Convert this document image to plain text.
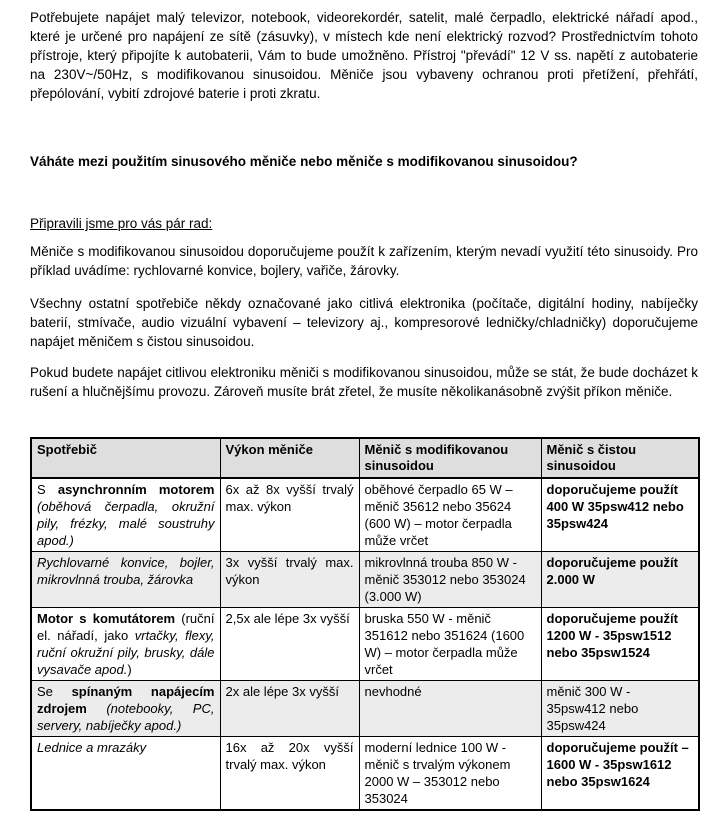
Potřebujete napájet malý televizor, notebook, videorekordér, satelit, malé čerpadlo, elektrické nářadí apod., které je určené pro napájení ze sítě (zásuvky), v místech kde není elektrický rozvod? Prostřednictvím tohoto přístroje, který připojíte k autobaterii, Vám to bude umožněno. Přístroj "převádí" 12 V ss. napětí z autobaterie na 230V~/50Hz, s modifikovanou sinusoidou. Měniče jsou vybaveny ochranou proti přetížení, přehřátí, přepólování, vybití zdrojové baterie i proti zkratu.

Váháte mezi použitím sinusového měniče nebo měniče s modifikovanou sinusoidou?

Připravili jsme pro vás pár rad:

Měniče s modifikovanou sinusoidou doporučujeme použít k zařízením, kterým nevadí využití této sinusoidy. Pro příklad uvádíme: rychlovarné konvice, bojlery, vařiče, žárovky.

Všechny ostatní spotřebiče někdy označované jako citlivá elektronika (počítače, digitální hodiny, nabíječky baterií, stmívače, audio vizuální vybavení – televizory aj., kompresorové ledničky/chladničky) doporučujeme napájet měničem s čistou sinusoidou.

Pokud budete napájet citlivou elektroniku měniči s modifikovanou sinusoidou, může se stát, že bude docházet k rušení a hlučnějšímu provozu. Zároveň musíte brát zřetel, že musíte několikanásobně zvýšit příkon měniče.

Spotřebič	Výkon měniče	Měnič s modifikovanou sinusoidou	Měnič s čistou sinusoidou
S asynchronním motorem (oběhová čerpadla, okružní pily, frézky, malé soustruhy apod.)	6x až 8x vyšší trvalý max. výkon	oběhové čerpadlo 65 W – měnič 35612 nebo 35624 (600 W) – motor čerpadla může vrčet	doporučujeme použít 400 W 35psw412 nebo 35psw424
Rychlovarné konvice, bojler, mikrovlnná trouba, žárovka	3x vyšší trvalý max. výkon	mikrovlnná trouba 850 W - měnič 353012 nebo 353024 (3.000 W)	doporučujeme použít 2.000 W
Motor s komutátorem (ruční el. nářadí, jako vrtačky, flexy, ruční okružní pily, brusky, dále vysavače apod.)	2,5x ale lépe 3x vyšší	bruska 550 W - měnič 351612 nebo 351624 (1600 W) – motor čerpadla může vrčet	doporučujeme použít 1200 W - 35psw1512 nebo 35psw1524
Se spínaným napájecím zdrojem (notebooky, PC, servery, nabíječky apod.)	2x ale lépe 3x vyšší	nevhodné	měnič 300 W - 35psw412 nebo 35psw424
Lednice a mrazáky	16x až 20x vyšší trvalý max. výkon	moderní lednice 100 W - měnič s trvalým výkonem 2000 W – 353012 nebo 353024	doporučujeme použít – 1600 W - 35psw1612 nebo 35psw1624
